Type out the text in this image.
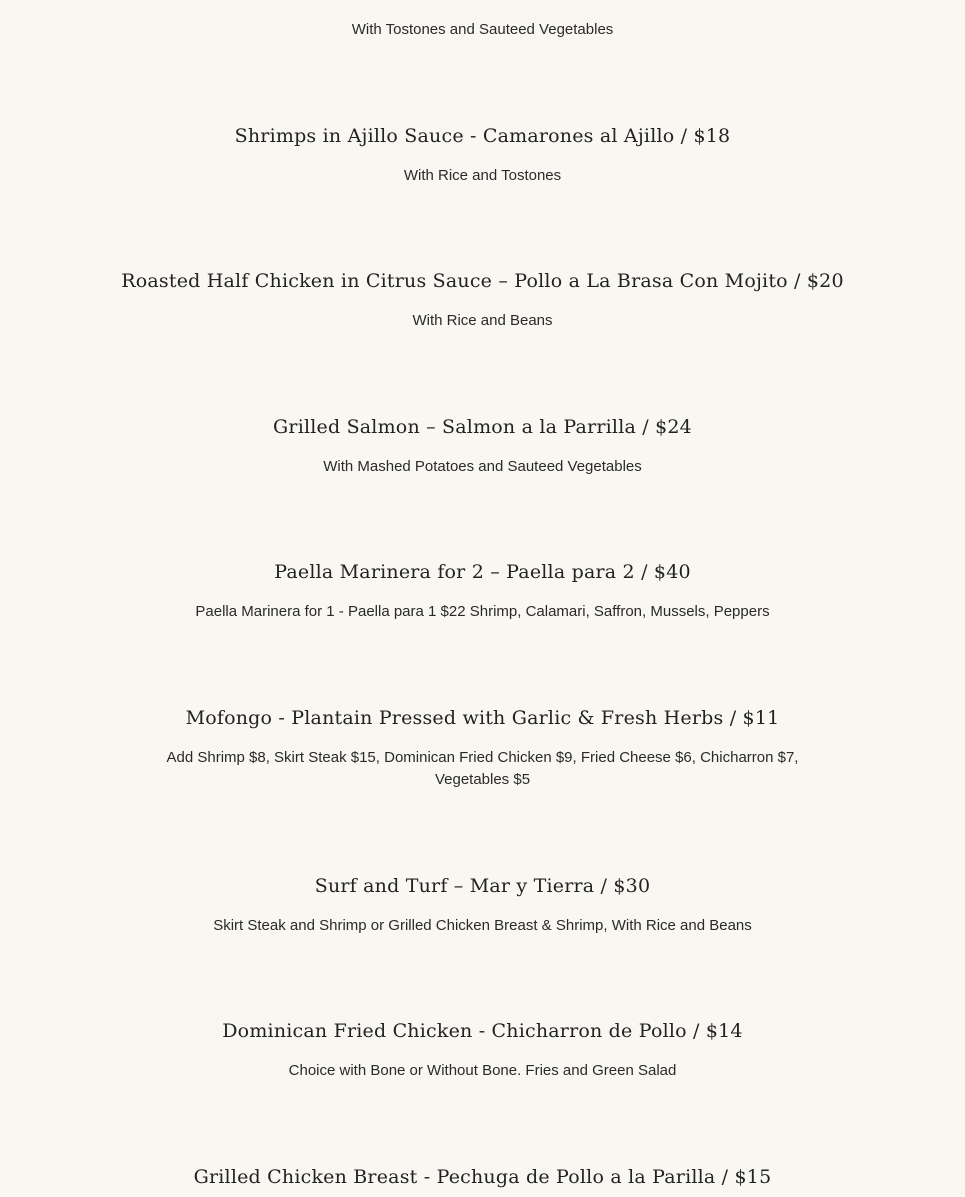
With Tostones and Sauteed Vegetables
Shrimps in Ajillo Sauce - Camarones al Ajillo / $18
With Rice and Tostones
Roasted Half Chicken in Citrus Sauce – Pollo a La Brasa Con Mojito / $20
With Rice and Beans
Grilled Salmon – Salmon a la Parrilla / $24
With Mashed Potatoes and Sauteed Vegetables
Paella Marinera for 2 – Paella para 2 / $40
Paella Marinera for 1 - Paella para 1 $22 Shrimp, Calamari, Saffron, Mussels, Peppers
Mofongo - Plantain Pressed with Garlic & Fresh Herbs / $11
Add Shrimp $8, Skirt Steak $15, Dominican Fried Chicken $9, Fried Cheese $6, Chicharron $7, Vegetables $5
Surf and Turf – Mar y Tierra / $30
Skirt Steak and Shrimp or Grilled Chicken Breast & Shrimp, With Rice and Beans
Dominican Fried Chicken - Chicharron de Pollo / $14
Choice with Bone or Without Bone. Fries and Green Salad
Grilled Chicken Breast - Pechuga de Pollo a la Parilla / $15
